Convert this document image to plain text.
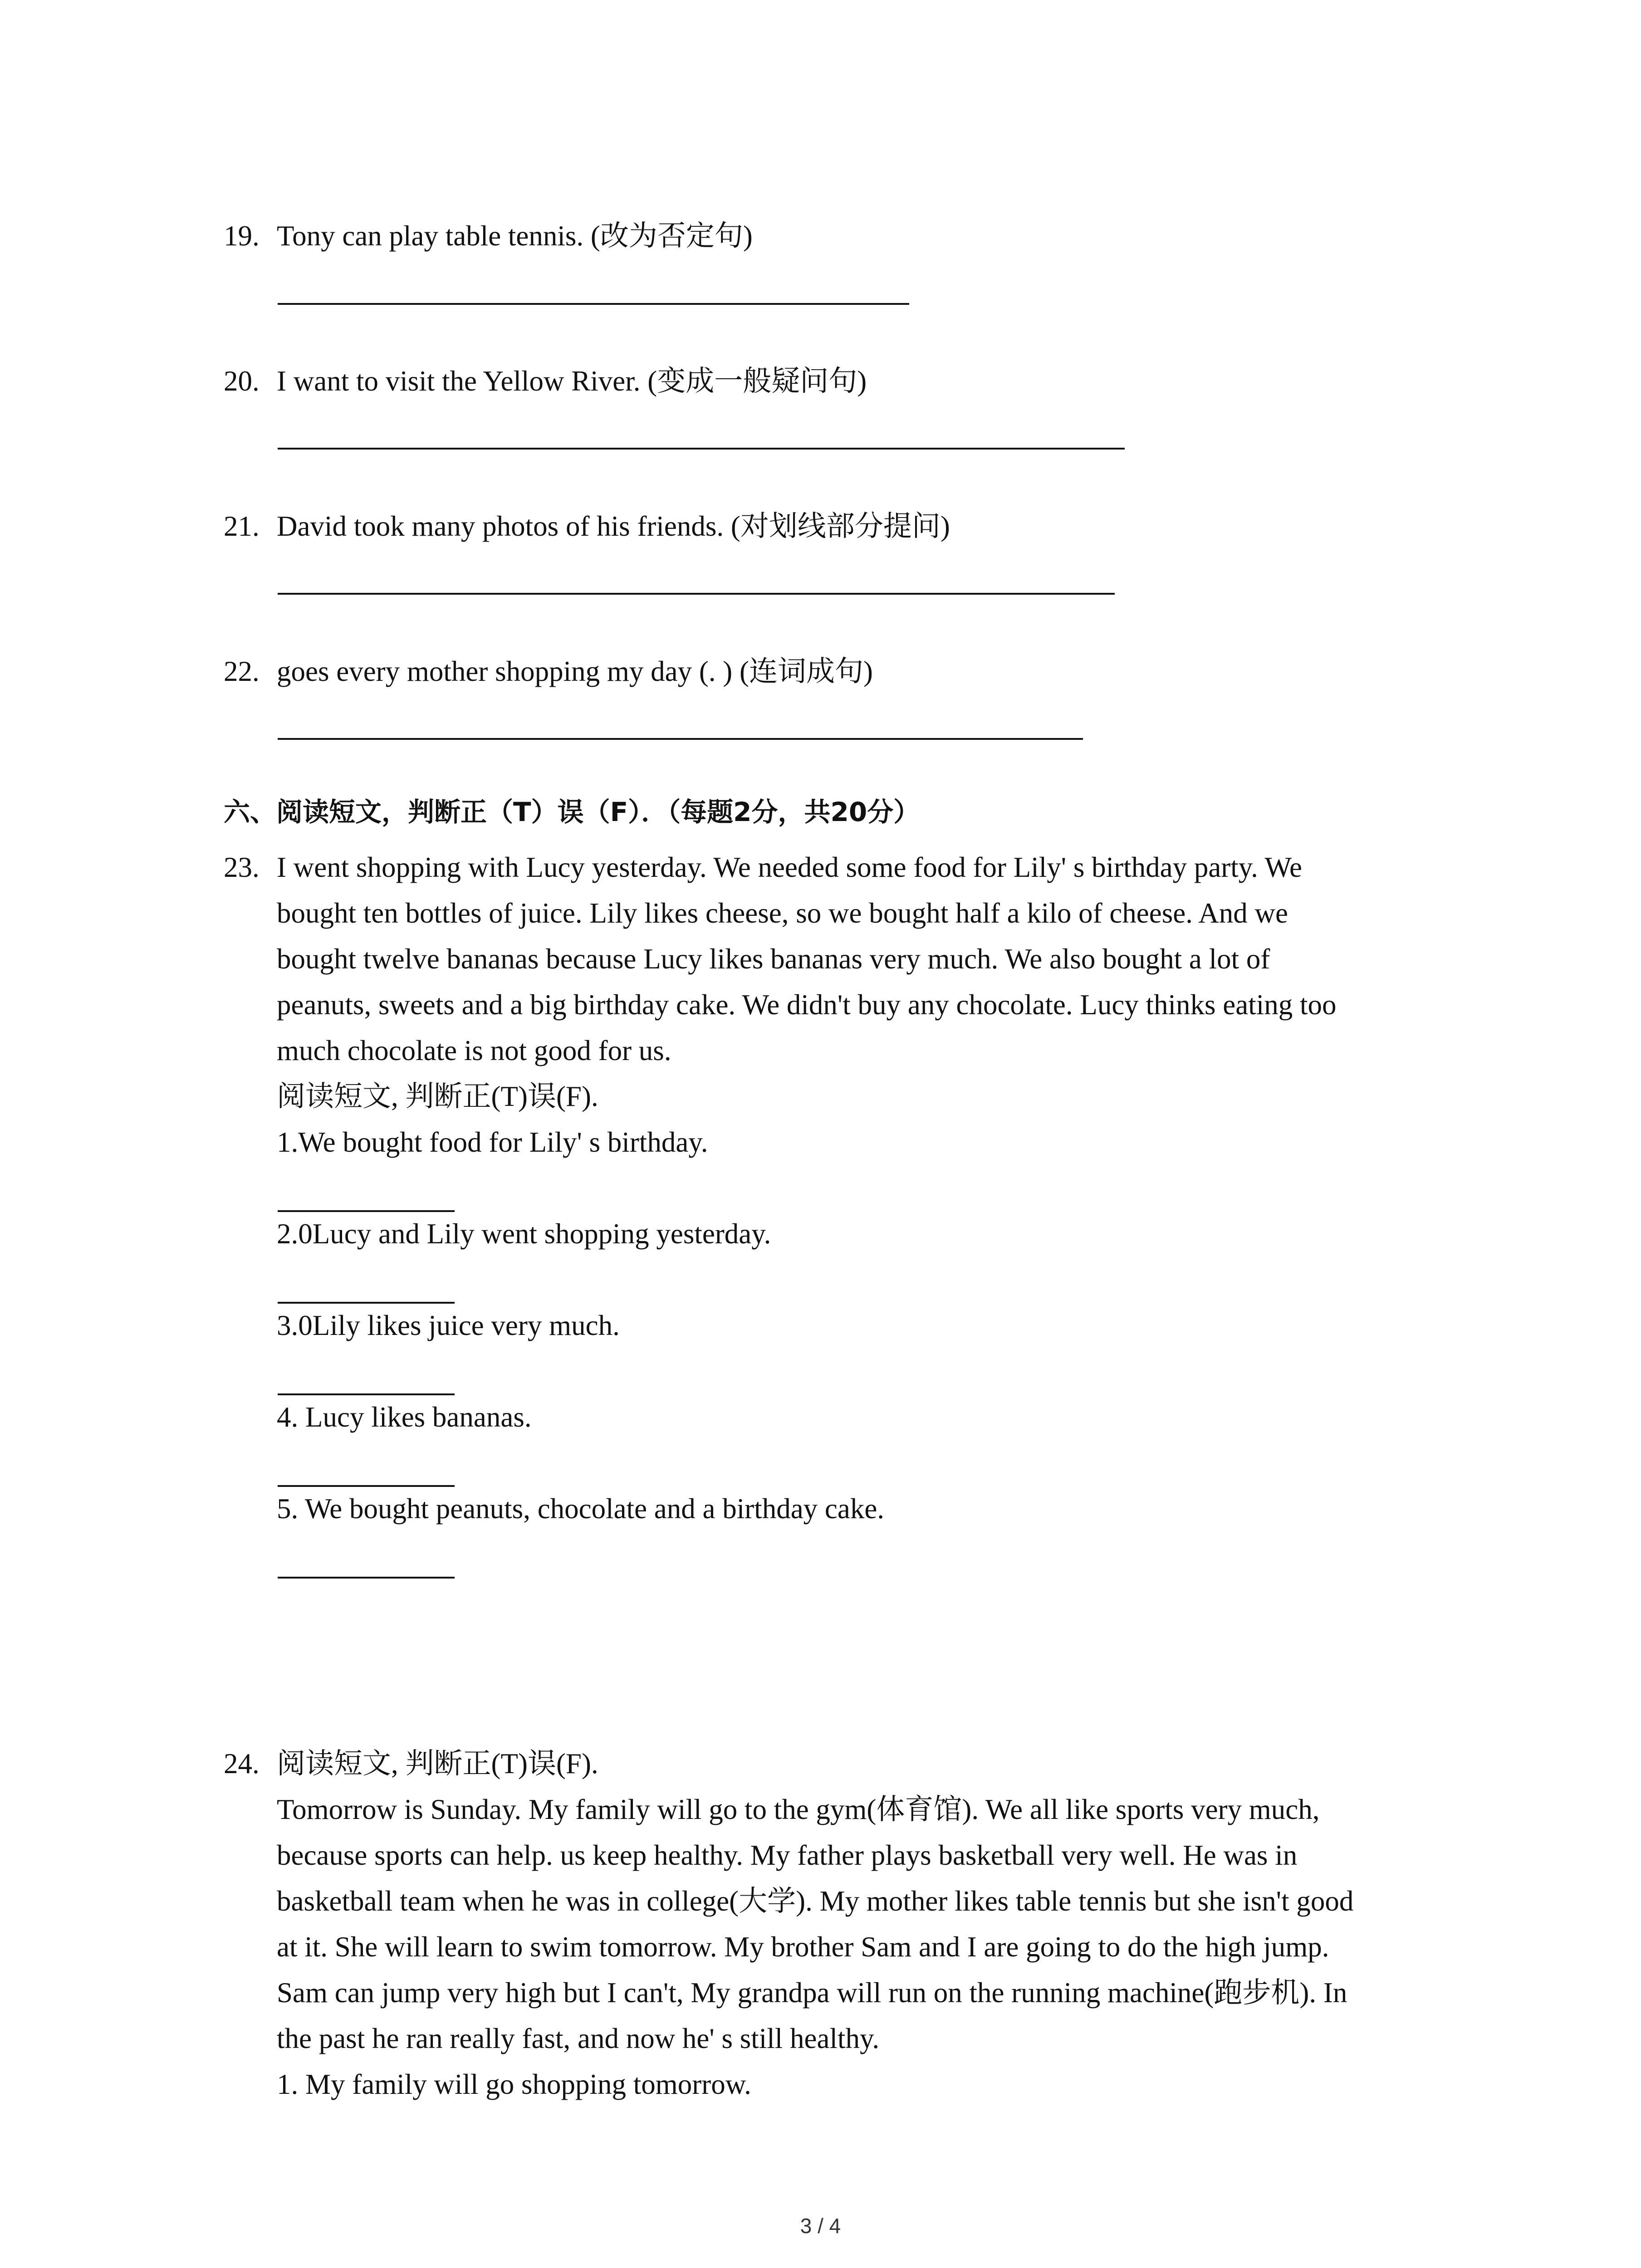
19. Tony can play table tennis. (改为否定句)

20. I want to visit the Yellow River. (变成一般疑问句)

21. David took many photos of his friends. (对划线部分提问)

22. goes every mother shopping my day (. ) (连词成句)

六、阅读短文，判断正（T）误（F）．（每题2分，共20分）

23. I went shopping with Lucy yesterday. We needed some food for Lily' s birthday party. We

bought ten bottles of juice. Lily likes cheese, so we bought half a kilo of cheese. And we

bought twelve bananas because Lucy likes bananas very much. We also bought a lot of

peanuts, sweets and a big birthday cake. We didn't buy any chocolate. Lucy thinks eating too

much chocolate is not good for us.

阅读短文, 判断正(T)误(F).

1.We bought food for Lily' s birthday.

2.0Lucy and Lily went shopping yesterday.

3.0Lily likes juice very much.

4. Lucy likes bananas.

5. We bought peanuts, chocolate and a birthday cake.

24. 阅读短文, 判断正(T)误(F).

Tomorrow is Sunday. My family will go to the gym(体育馆). We all like sports very much,

because sports can help. us keep healthy. My father plays basketball very well. He was in

basketball team when he was in college(大学). My mother likes table tennis but she isn't good

at it. She will learn to swim tomorrow. My brother Sam and I are going to do the high jump.

Sam can jump very high but I can't, My grandpa will run on the running machine(跑步机). In

the past he ran really fast, and now he' s still healthy.

1. My family will go shopping tomorrow.

3 / 4
